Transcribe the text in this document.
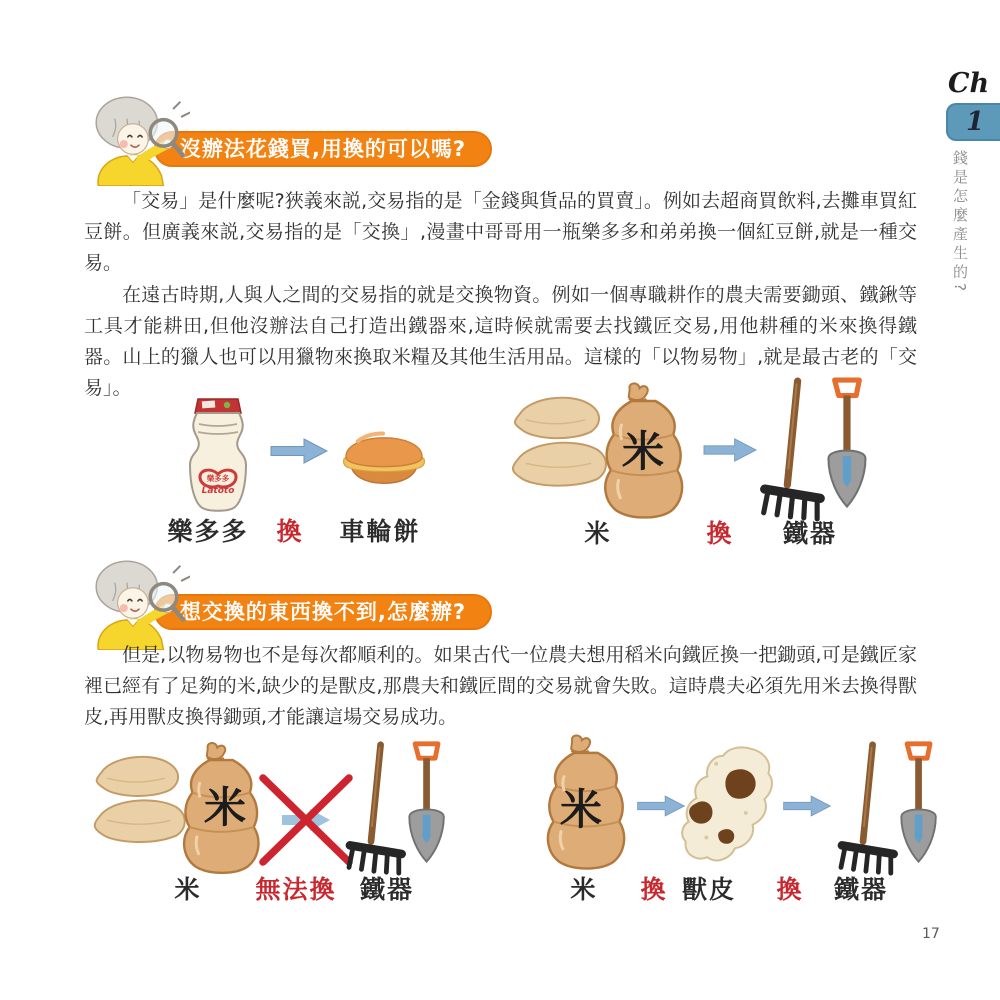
Ch
1
錢是怎麼產生的?
沒辦法花錢買,用換的可以嗎?
「交易」是什麼呢?狹義來説,交易指的是「金錢與貨品的買賣」。例如去超商買飲料,去攤車買紅豆餅。但廣義來説,交易指的是「交換」,漫畫中哥哥用一瓶樂多多和弟弟換一個紅豆餅,就是一種交易。
在遠古時期,人與人之間的交易指的就是交換物資。例如一個專職耕作的農夫需要鋤頭、鐵鍬等工具才能耕田,但他沒辦法自己打造出鐵器來,這時候就需要去找鐵匠交易,用他耕種的米來換得鐵器。山上的獵人也可以用獵物來換取米糧及其他生活用品。這樣的「以物易物」,就是最古老的「交易」。
樂多多
Latoto
樂多多	換	車輪餅
米
米	換	鐵器
想交換的東西換不到,怎麼辦?
但是,以物易物也不是每次都順利的。如果古代一位農夫想用稻米向鐵匠換一把鋤頭,可是鐵匠家裡已經有了足夠的米,缺少的是獸皮,那農夫和鐵匠間的交易就會失敗。這時農夫必須先用米去換得獸皮,再用獸皮換得鋤頭,才能讓這場交易成功。
米
米 無法換 鐵器
米
米 換 獸皮 換	鐵器
17
